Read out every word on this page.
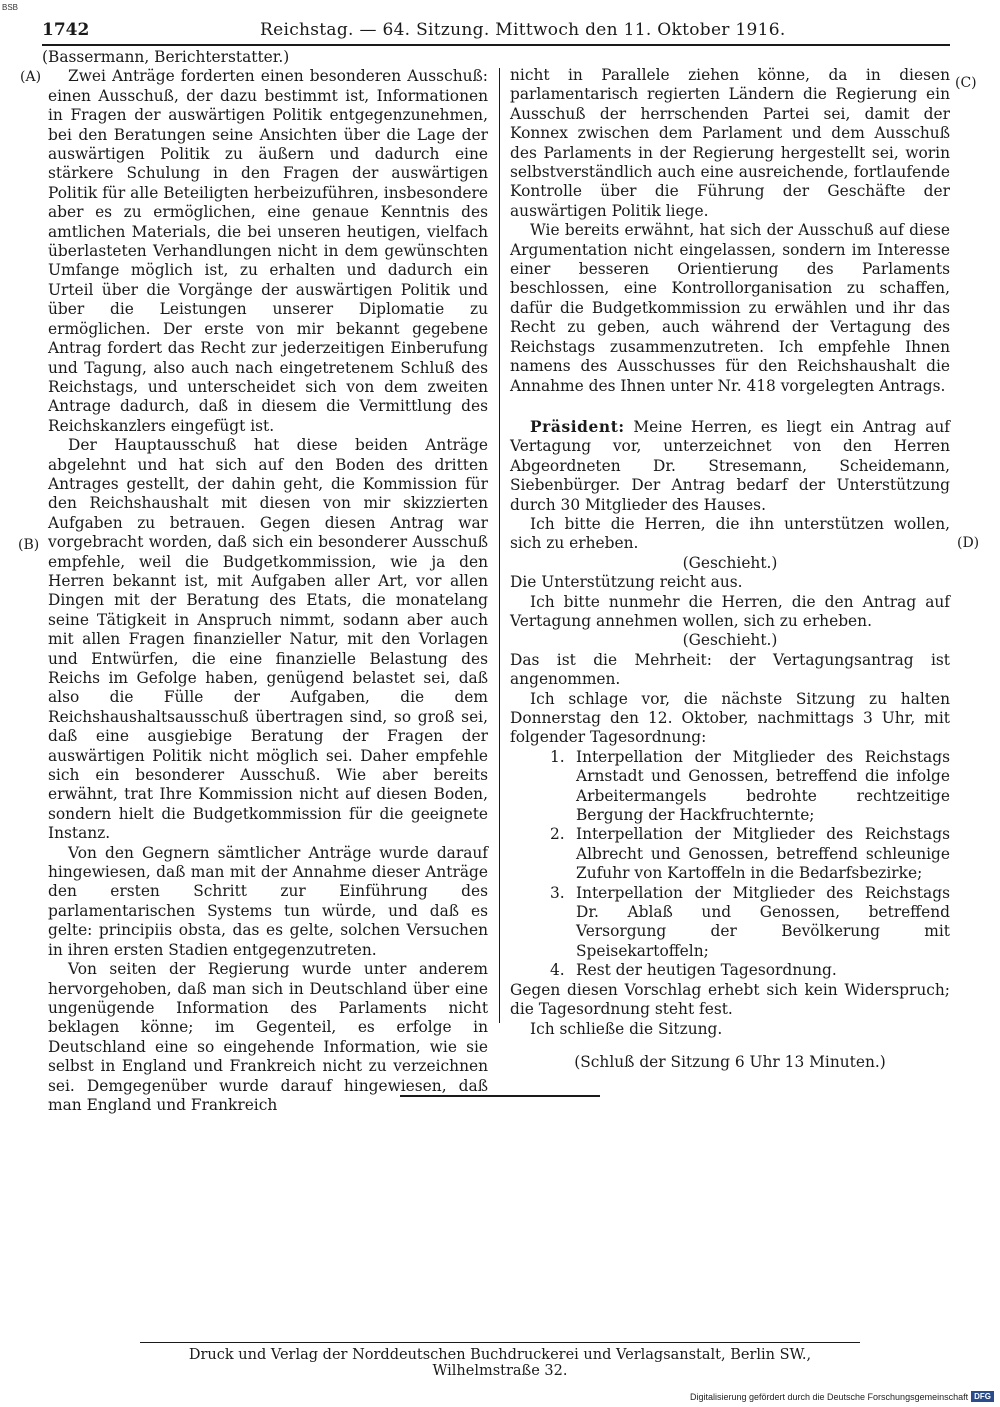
BSB
1742	Reichstag. — 64. Sitzung. Mittwoch den 11. Oktober 1916.
(A)
(B)
(C)
(D)

(Bassermann, Berichterstatter.)

Zwei Anträge forderten einen besonderen Ausschuß: einen Ausschuß, der dazu bestimmt ist, Informationen in Fragen der auswärtigen Politik entgegenzunehmen, bei den Beratungen seine Ansichten über die Lage der auswärtigen Politik zu äußern und dadurch eine stärkere Schulung in den Fragen der auswärtigen Politik für alle Beteiligten herbeizuführen, insbesondere aber es zu ermöglichen, eine genaue Kenntnis des amtlichen Materials, die bei unseren heutigen, vielfach überlasteten Verhandlungen nicht in dem gewünschten Umfange möglich ist, zu erhalten und dadurch ein Urteil über die Vorgänge der auswärtigen Politik und über die Leistungen unserer Diplomatie zu ermöglichen. Der erste von mir bekannt gegebene Antrag fordert das Recht zur jederzeitigen Einberufung und Tagung, also auch nach eingetretenem Schluß des Reichstags, und unterscheidet sich von dem zweiten Antrage dadurch, daß in diesem die Vermittlung des Reichskanzlers eingefügt ist.

Der Hauptausschuß hat diese beiden Anträge abgelehnt und hat sich auf den Boden des dritten Antrages gestellt, der dahin geht, die Kommission für den Reichshaushalt mit diesen von mir skizzierten Aufgaben zu betrauen. Gegen diesen Antrag war vorgebracht worden, daß sich ein besonderer Ausschuß empfehle, weil die Budgetkommission, wie ja den Herren bekannt ist, mit Aufgaben aller Art, vor allen Dingen mit der Beratung des Etats, die monatelang seine Tätigkeit in Anspruch nimmt, sodann aber auch mit allen Fragen finanzieller Natur, mit den Vorlagen und Entwürfen, die eine finanzielle Belastung des Reichs im Gefolge haben, genügend belastet sei, daß also die Fülle der Aufgaben, die dem Reichshaushaltsausschuß übertragen sind, so groß sei, daß eine ausgiebige Beratung der Fragen der auswärtigen Politik nicht möglich sei. Daher empfehle sich ein besonderer Ausschuß. Wie aber bereits erwähnt, trat Ihre Kommission nicht auf diesen Boden, sondern hielt die Budgetkommission für die geeignete Instanz.

Von den Gegnern sämtlicher Anträge wurde darauf hingewiesen, daß man mit der Annahme dieser Anträge den ersten Schritt zur Einführung des parlamentarischen Systems tun würde, und daß es gelte: principiis obsta, das es gelte, solchen Versuchen in ihren ersten Stadien entgegenzutreten.

Von seiten der Regierung wurde unter anderem hervorgehoben, daß man sich in Deutschland über eine ungenügende Information des Parlaments nicht beklagen könne; im Gegenteil, es erfolge in Deutschland eine so eingehende Information, wie sie selbst in England und Frankreich nicht zu verzeichnen sei. Demgegenüber wurde darauf hingewiesen, daß man England und Frankreich

nicht in Parallele ziehen könne, da in diesen parlamentarisch regierten Ländern die Regierung ein Ausschuß der herrschenden Partei sei, damit der Konnex zwischen dem Parlament und dem Ausschuß des Parlaments in der Regierung hergestellt sei, worin selbstverständlich auch eine ausreichende, fortlaufende Kontrolle über die Führung der Geschäfte der auswärtigen Politik liege.

Wie bereits erwähnt, hat sich der Ausschuß auf diese Argumentation nicht eingelassen, sondern im Interesse einer besseren Orientierung des Parlaments beschlossen, eine Kontrollorganisation zu schaffen, dafür die Budgetkommission zu erwählen und ihr das Recht zu geben, auch während der Vertagung des Reichstags zusammenzutreten. Ich empfehle Ihnen namens des Ausschusses für den Reichshaushalt die Annahme des Ihnen unter Nr. 418 vorgelegten Antrags.

Präsident: Meine Herren, es liegt ein Antrag auf Vertagung vor, unterzeichnet von den Herren Abgeordneten Dr. Stresemann, Scheidemann, Siebenbürger. Der Antrag bedarf der Unterstützung durch 30 Mitglieder des Hauses.

Ich bitte die Herren, die ihn unterstützen wollen, sich zu erheben.

(Geschieht.)

Die Unterstützung reicht aus.

Ich bitte nunmehr die Herren, die den Antrag auf Vertagung annehmen wollen, sich zu erheben.

(Geschieht.)

Das ist die Mehrheit: der Vertagungsantrag ist angenommen.

Ich schlage vor, die nächste Sitzung zu halten Donnerstag den 12. Oktober, nachmittags 3 Uhr, mit folgender Tagesordnung:

1. Interpellation der Mitglieder des Reichstags Arnstadt und Genossen, betreffend die infolge Arbeitermangels bedrohte rechtzeitige Bergung der Hackfruchternte;
2. Interpellation der Mitglieder des Reichstags Albrecht und Genossen, betreffend schleunige Zufuhr von Kartoffeln in die Bedarfsbezirke;
3. Interpellation der Mitglieder des Reichstags Dr. Ablaß und Genossen, betreffend Versorgung der Bevölkerung mit Speisekartoffeln;
4. Rest der heutigen Tagesordnung.

Gegen diesen Vorschlag erhebt sich kein Widerspruch; die Tagesordnung steht fest.

Ich schließe die Sitzung.

(Schluß der Sitzung 6 Uhr 13 Minuten.)

Druck und Verlag der Norddeutschen Buchdruckerei und Verlagsanstalt, Berlin SW., Wilhelmstraße 32.
Digitalisierung gefördert durch die Deutsche Forschungsgemeinschaft DFG
